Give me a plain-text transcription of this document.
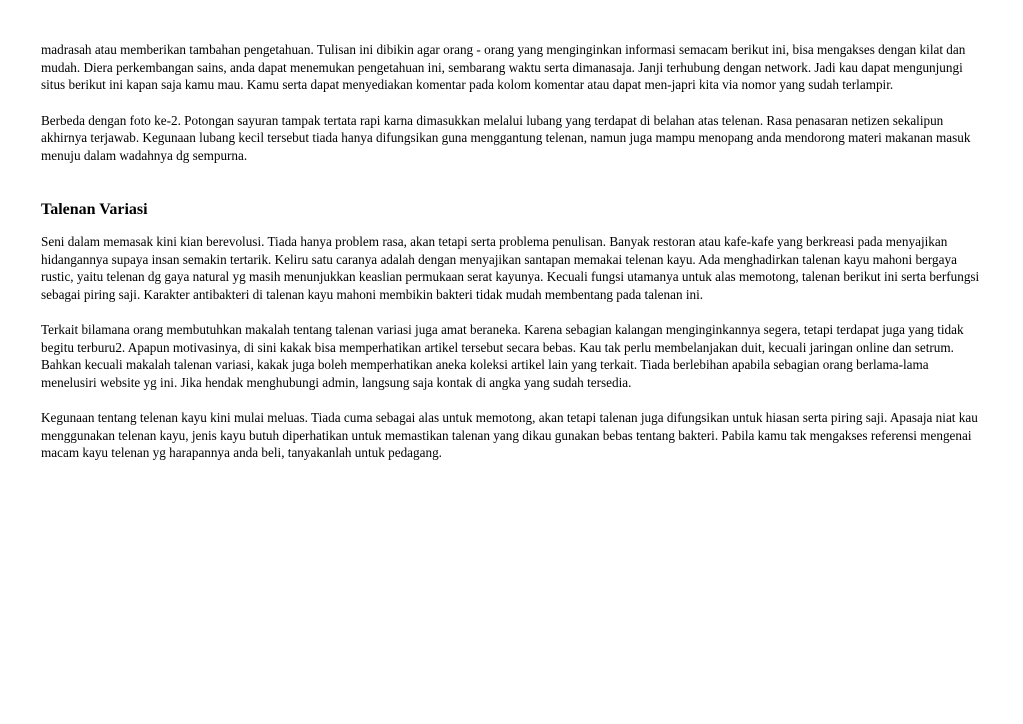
madrasah atau memberikan tambahan pengetahuan. Tulisan ini dibikin agar orang - orang yang menginginkan informasi semacam berikut ini, bisa mengakses dengan kilat dan mudah. Diera perkembangan sains, anda dapat menemukan pengetahuan ini, sembarang waktu serta dimanasaja. Janji terhubung dengan network. Jadi kau dapat mengunjungi situs berikut ini kapan saja kamu mau. Kamu serta dapat menyediakan komentar pada kolom komentar atau dapat men-japri kita via nomor yang sudah terlampir.

Berbeda dengan foto ke-2. Potongan sayuran tampak tertata rapi karna dimasukkan melalui lubang yang terdapat di belahan atas telenan. Rasa penasaran netizen sekalipun akhirnya terjawab. Kegunaan lubang kecil tersebut tiada hanya difungsikan guna menggantung telenan, namun juga mampu menopang anda mendorong materi makanan masuk menuju dalam wadahnya dg sempurna.

Talenan Variasi

Seni dalam memasak kini kian berevolusi. Tiada hanya problem rasa, akan tetapi serta problema penulisan. Banyak restoran atau kafe-kafe yang berkreasi pada menyajikan hidangannya supaya insan semakin tertarik. Keliru satu caranya adalah dengan menyajikan santapan memakai telenan kayu. Ada menghadirkan talenan kayu mahoni bergaya rustic, yaitu telenan dg gaya natural yg masih menunjukkan keaslian permukaan serat kayunya. Kecuali fungsi utamanya untuk alas memotong, talenan berikut ini serta berfungsi sebagai piring saji. Karakter antibakteri di talenan kayu mahoni membikin bakteri tidak mudah membentang pada talenan ini.

Terkait bilamana orang membutuhkan makalah tentang talenan variasi juga amat beraneka. Karena sebagian kalangan menginginkannya segera, tetapi terdapat juga yang tidak begitu terburu2. Apapun motivasinya, di sini kakak bisa memperhatikan artikel tersebut secara bebas. Kau tak perlu membelanjakan duit, kecuali jaringan online dan setrum. Bahkan kecuali makalah talenan variasi, kakak juga boleh memperhatikan aneka koleksi artikel lain yang terkait. Tiada berlebihan apabila sebagian orang berlama-lama menelusiri website yg ini. Jika hendak menghubungi admin, langsung saja kontak di angka yang sudah tersedia.

Kegunaan tentang telenan kayu kini mulai meluas. Tiada cuma sebagai alas untuk memotong, akan tetapi talenan juga difungsikan untuk hiasan serta piring saji. Apasaja niat kau menggunakan telenan kayu, jenis kayu butuh diperhatikan untuk memastikan talenan yang dikau gunakan bebas tentang bakteri. Pabila kamu tak mengakses referensi mengenai macam kayu telenan yg harapannya anda beli, tanyakanlah untuk pedagang.
